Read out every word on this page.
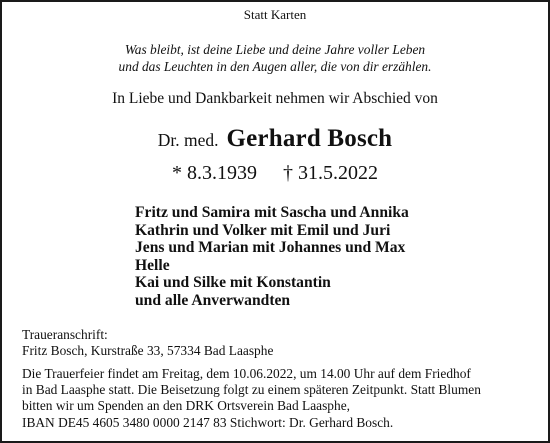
Statt Karten
Was bleibt, ist deine Liebe und deine Jahre voller Leben
und das Leuchten in den Augen aller, die von dir erzählen.
In Liebe und Dankbarkeit nehmen wir Abschied von
Dr. med. Gerhard Bosch
* 8.3.1939 † 31.5.2022
Fritz und Samira mit Sascha und Annika
Kathrin und Volker mit Emil und Juri
Jens und Marian mit Johannes und Max
Helle
Kai und Silke mit Konstantin
und alle Anverwandten
Traueranschrift:
Fritz Bosch, Kurstraße 33, 57334 Bad Laasphe
Die Trauerfeier findet am Freitag, dem 10.06.2022, um 14.00 Uhr auf dem Friedhof
in Bad Laasphe statt. Die Beisetzung folgt zu einem späteren Zeitpunkt. Statt Blumen
bitten wir um Spenden an den DRK Ortsverein Bad Laasphe,
IBAN DE45 4605 3480 0000 2147 83 Stichwort: Dr. Gerhard Bosch.
